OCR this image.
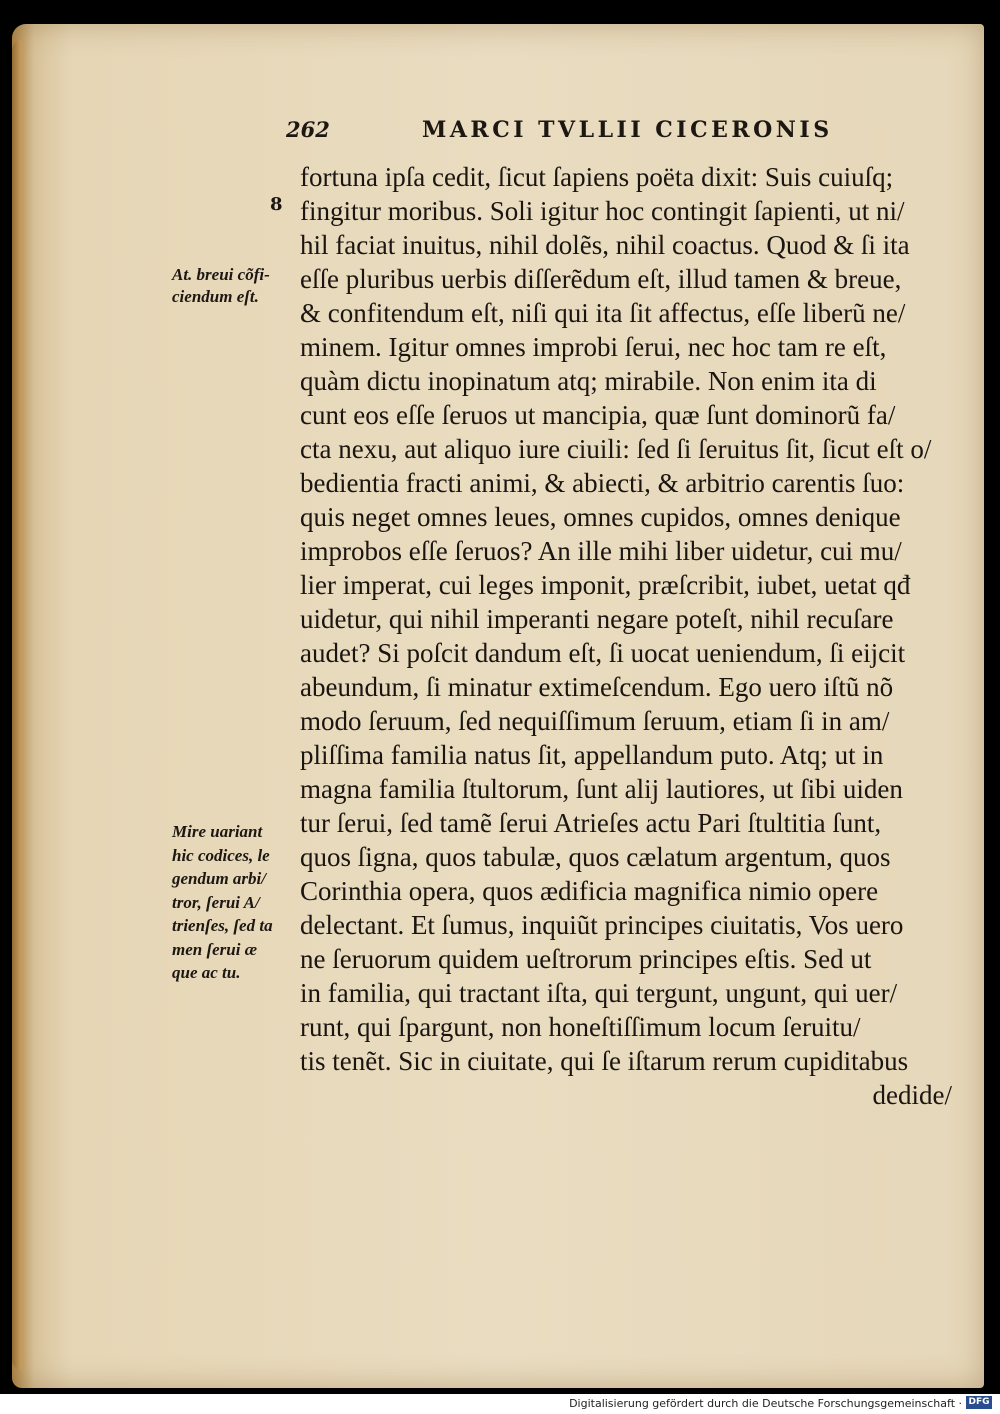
262	MARCI TVLLII CICERONIS
8
At. breui cõfi-
ciendum eſt.
Mire uariant
hic codices, le
gendum arbi/
tror, ſerui A/
trienſes, ſed ta
men ſerui æ
que ac tu.
fortuna ipſa cedit, ſicut ſapiens poëta dixit: Suis cuiuſq;
fingitur moribus. Soli igitur hoc contingit ſapienti, ut ni/
hil faciat inuitus, nihil dolẽs, nihil coactus. Quod & ſi ita
eſſe pluribus uerbis diſſerẽdum eſt, illud tamen & breue,
& confitendum eſt, niſi qui ita ſit affectus, eſſe liberũ ne/
minem. Igitur omnes improbi ſerui, nec hoc tam re eſt,
quàm dictu inopinatum atq; mirabile. Non enim ita di
cunt eos eſſe ſeruos ut mancipia, quæ ſunt dominorũ fa/
cta nexu, aut aliquo iure ciuili: ſed ſi ſeruitus ſit, ſicut eſt o/
bedientia fracti animi, & abiecti, & arbitrio carentis ſuo:
quis neget omnes leues, omnes cupidos, omnes denique
improbos eſſe ſeruos? An ille mihi liber uidetur, cui mu/
lier imperat, cui leges imponit, præſcribit, iubet, uetat qđ
uidetur, qui nihil imperanti negare poteſt, nihil recuſare
audet? Si poſcit dandum eſt, ſi uocat ueniendum, ſi eijcit
abeundum, ſi minatur extimeſcendum. Ego uero iſtũ nõ
modo ſeruum, ſed nequiſſimum ſeruum, etiam ſi in am/
pliſſima familia natus ſit, appellandum puto. Atq; ut in
magna familia ſtultorum, ſunt alij lautiores, ut ſibi uiden
tur ſerui, ſed tamẽ ſerui Atrieſes actu Pari ſtultitia ſunt,
quos ſigna, quos tabulæ, quos cælatum argentum, quos
Corinthia opera, quos ædificia magnifica nimio opere
delectant. Et ſumus, inquiũt principes ciuitatis, Vos uero
ne ſeruorum quidem ueſtrorum principes eſtis. Sed ut
in familia, qui tractant iſta, qui tergunt, ungunt, qui uer/
runt, qui ſpargunt, non honeſtiſſimum locum ſeruitu/
tis tenẽt. Sic in ciuitate, qui ſe iſtarum rerum cupiditabus
dedide/
Digitalisierung gefördert durch die Deutsche Forschungsgemeinschaft · DFG
